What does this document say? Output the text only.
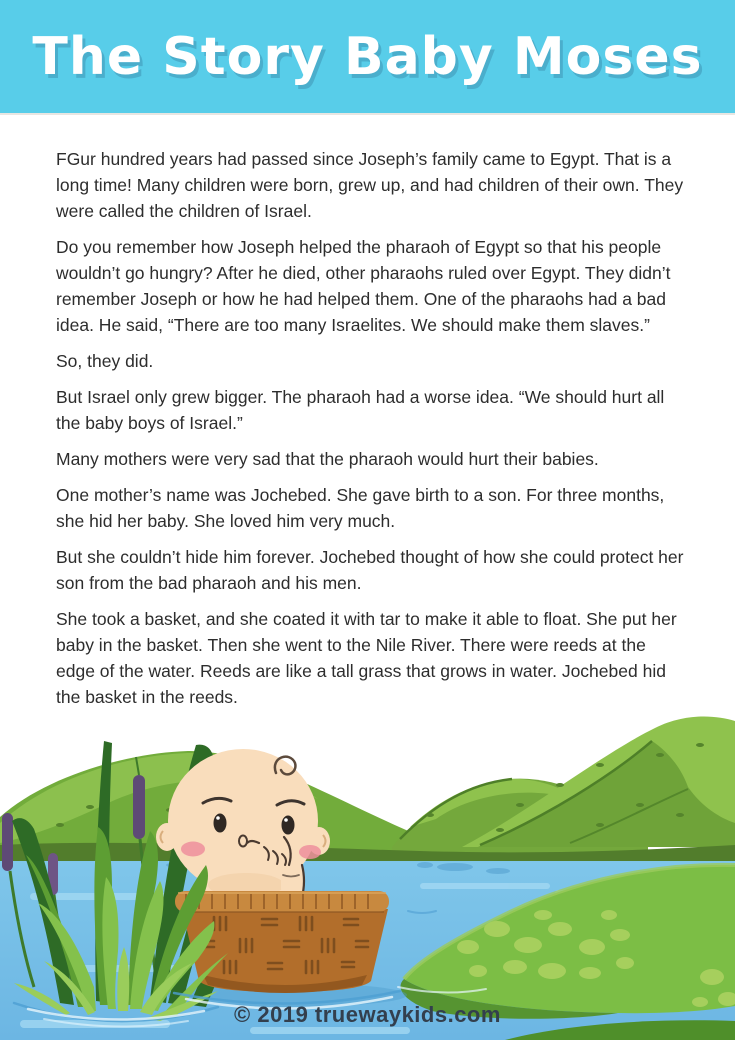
The Story Baby Moses

FGur hundred years had passed since Joseph’s family came to Egypt. That is a long time! Many children were born, grew up, and had children of their own. They were called the children of Israel.

Do you remember how Joseph helped the pharaoh of Egypt so that his people wouldn’t go hungry? After he died, other pharaohs ruled over Egypt. They didn’t remember Joseph or how he had helped them. One of the pharaohs had a bad idea. He said, “There are too many Israelites. We should make them slaves.”

So, they did.

But Israel only grew bigger. The pharaoh had a worse idea. “We should hurt all the baby boys of Israel.”

Many mothers were very sad that the pharaoh would hurt their babies.

One mother’s name was Jochebed. She gave birth to a son. For three months, she hid her baby. She loved him very much.

But she couldn’t hide him forever. Jochebed thought of how she could protect her son from the bad pharaoh and his men.

She took a basket, and she coated it with tar to make it able to float. She put her baby in the basket. Then she went to the Nile River. There were reeds at the edge of the water. Reeds are like a tall grass that grows in water. Jochebed hid the basket in the reeds.

© 2019 truewaykids.com
